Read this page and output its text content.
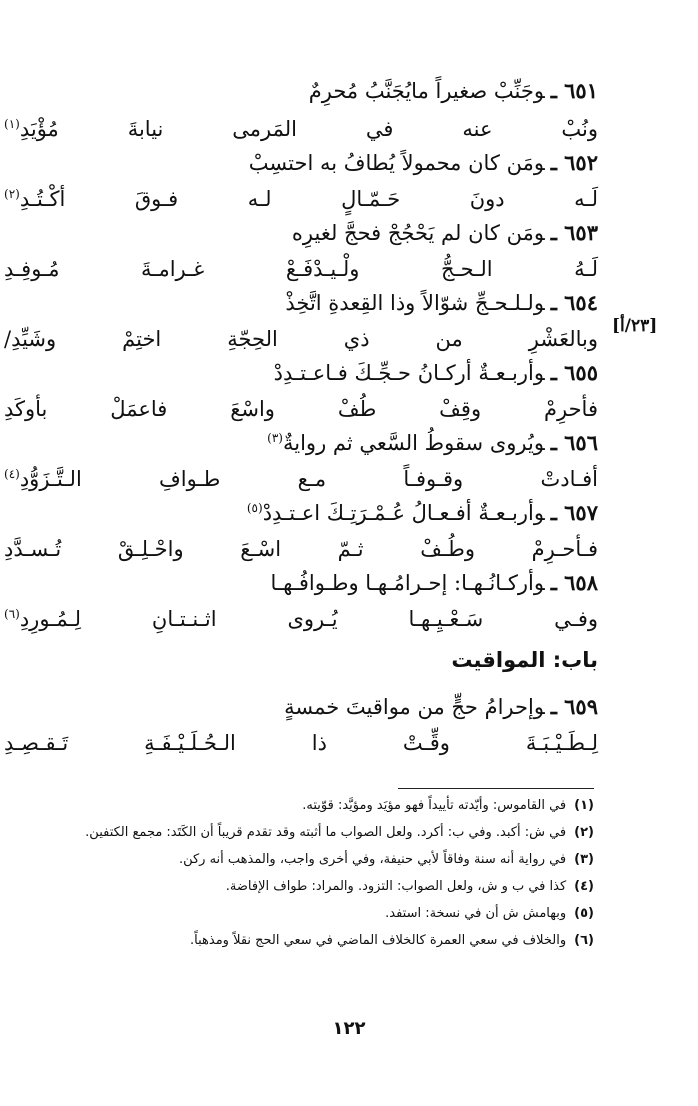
[٢٣/أ]
٦٥١ ـوجَنِّبْ صغيراً مايُجَنَّبُ مُحرِمٌ
ونُبْ عنه في المَرمى نيابةَ مُؤْيَدِ$^{(١)}$
٦٥٢ ـومَن كان محمولاً يُطافُ به احتسِبْ
لَـه دونَ حَـمّـالٍ لـه فـوقَ أكْـتُـدِ$^{(٢)}$
٦٥٣ ـومَن كان لم يَحْجُجْ فحجَّ لغيرِه
لَـهُ الـحـجُّ ولْـيـدْفَـعْ غـرامـةَ مُـوفِـدِ
٦٥٤ ـولـلـحـجِّ شوّالاً وذا القِعدةِ اتَّخِذْ
وبالعَشْرِ من ذي الحِجّةِ اختِمْ وشَيِّدِ/
٦٥٥ ـوأربـعـةٌ أركـانُ حـجِّـكَ فـاعـتـدِدْ
فأحرِمْ وقِفْ طُفْ واسْعَ فاعمَلْ بأوكَدِ
٦٥٦ ـويُروى سقوطُ السَّعي ثم روايةٌ$^{(٣)}$
أفـادتْ وقـوفـاً مـع طـوافِ الـتَّـزَوُّدِ$^{(٤)}$
٦٥٧ ـوأربـعـةٌ أفـعـالُ عُـمْـرَتِـكَ اعـتـدِدْ$^{(٥)}$
فـأحـرِمْ وطُـفْ ثـمّ اسْـعَ واحْـلِـقْ تُـسـدَّدِ
٦٥٨ ـوأركـانُـهـا: إحـرامُـهـا وطـوافُـهـا
وفـي سَـعْـيِـهـا يُـروى اثـنـتـانِ لِـمُـورِدِ$^{(٦)}$
باب: المواقيت
٦٥٩ ـوإحرامُ حجٍّ من مواقيتَ خمسةٍ
لِـطَـيْـبَـةَ وقِّـتْ ذا الـحُـلَـيْـفَـةِ تَـقـصِـدِ
(١)في القاموس: وأيّدته تأييداً فهو مؤيَد ومؤيَّد: قوّيته.
(٢)في ش: أكبد. وفي ب: أكرد. ولعل الصواب ما أثبته وقد تقدم قريباً أن الكَتَد: مجمع الكتفين.
(٣)في رواية أنه سنة وفاقاً لأبي حنيفة، وفي أخرى واجب، والمذهب أنه ركن.
(٤)كذا في ب و ش، ولعل الصواب: التزود. والمراد: طواف الإفاضة.
(٥)وبهامش ش أن في نسخة: استفد.
(٦)والخلاف في سعي العمرة كالخلاف الماضي في سعي الحج نقلاً ومذهباً.
١٢٢
